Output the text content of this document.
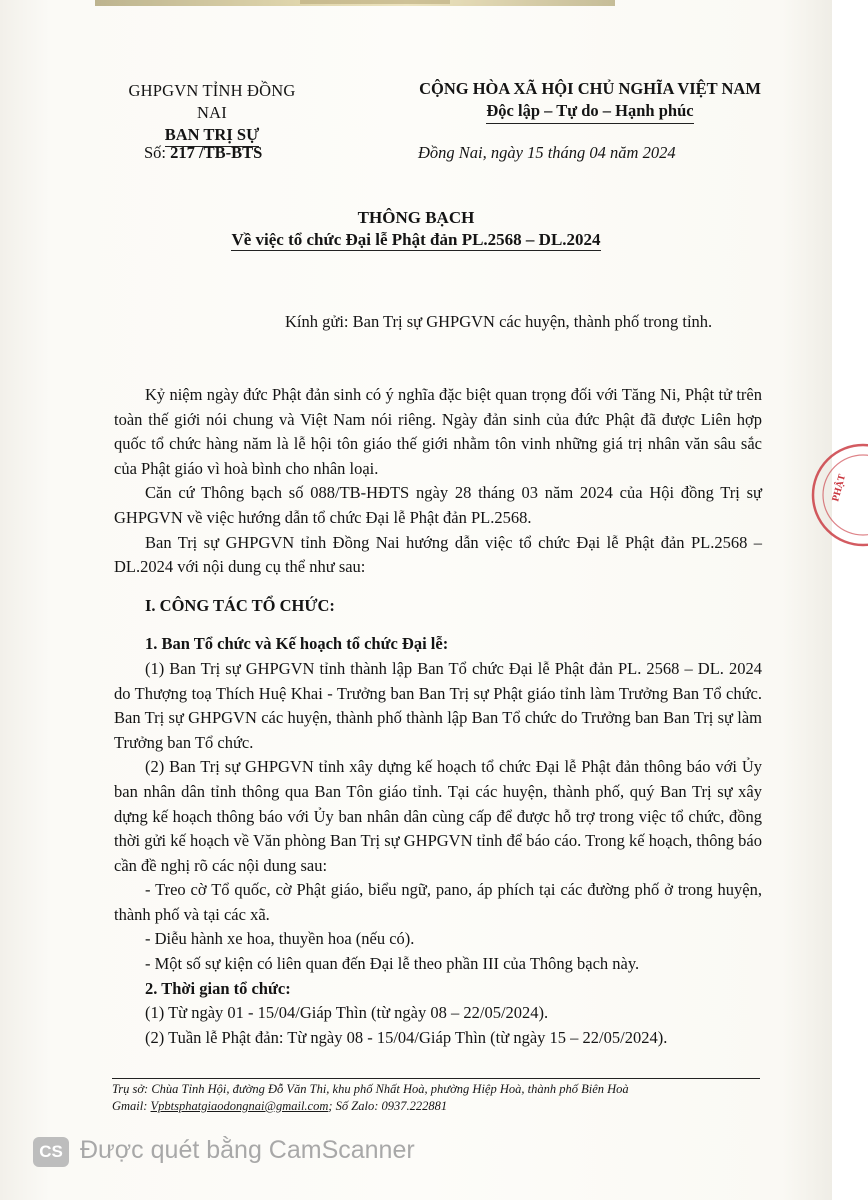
GHPGVN TỈNH ĐỒNG NAI
BAN TRỊ SỰ
CỘNG HÒA XÃ HỘI CHỦ NGHĨA VIỆT NAM
Độc lập – Tự do – Hạnh phúc
Số: 217 /TB-BTS	Đồng Nai, ngày 15 tháng 04 năm 2024
THÔNG BẠCH
Về việc tổ chức Đại lễ Phật đản PL.2568 – DL.2024
Kính gửi: Ban Trị sự GHPGVN các huyện, thành phố trong tỉnh.

Kỷ niệm ngày đức Phật đản sinh có ý nghĩa đặc biệt quan trọng đối với Tăng Ni, Phật tử trên toàn thế giới nói chung và Việt Nam nói riêng. Ngày đản sinh của đức Phật đã được Liên hợp quốc tổ chức hàng năm là lễ hội tôn giáo thế giới nhằm tôn vinh những giá trị nhân văn sâu sắc của Phật giáo vì hoà bình cho nhân loại.

Căn cứ Thông bạch số 088/TB-HĐTS ngày 28 tháng 03 năm 2024 của Hội đồng Trị sự GHPGVN về việc hướng dẫn tổ chức Đại lễ Phật đản PL.2568.

Ban Trị sự GHPGVN tỉnh Đồng Nai hướng dẫn việc tổ chức Đại lễ Phật đản PL.2568 – DL.2024 với nội dung cụ thể như sau:

I. CÔNG TÁC TỔ CHỨC:

1. Ban Tổ chức và Kế hoạch tổ chức Đại lễ:

(1) Ban Trị sự GHPGVN tỉnh thành lập Ban Tổ chức Đại lễ Phật đản PL. 2568 – DL. 2024 do Thượng toạ Thích Huệ Khai - Trưởng ban Ban Trị sự Phật giáo tỉnh làm Trưởng Ban Tổ chức. Ban Trị sự GHPGVN các huyện, thành phố thành lập Ban Tổ chức do Trưởng ban Ban Trị sự làm Trưởng ban Tổ chức.

(2) Ban Trị sự GHPGVN tỉnh xây dựng kế hoạch tổ chức Đại lễ Phật đản thông báo với Ủy ban nhân dân tỉnh thông qua Ban Tôn giáo tỉnh. Tại các huyện, thành phố, quý Ban Trị sự xây dựng kế hoạch thông báo với Ủy ban nhân dân cùng cấp để được hỗ trợ trong việc tổ chức, đồng thời gửi kế hoạch về Văn phòng Ban Trị sự GHPGVN tỉnh để báo cáo. Trong kế hoạch, thông báo cần đề nghị rõ các nội dung sau:

- Treo cờ Tổ quốc, cờ Phật giáo, biểu ngữ, pano, áp phích tại các đường phố ở trong huyện, thành phố và tại các xã.

- Diễu hành xe hoa, thuyền hoa (nếu có).

- Một số sự kiện có liên quan đến Đại lễ theo phần III của Thông bạch này.

2. Thời gian tổ chức:

(1) Từ ngày 01 - 15/04/Giáp Thìn (từ ngày 08 – 22/05/2024).

(2) Tuần lễ Phật đản: Từ ngày 08 - 15/04/Giáp Thìn (từ ngày 15 – 22/05/2024).

Trụ sở: Chùa Tỉnh Hội, đường Đỗ Văn Thi, khu phố Nhất Hoà, phường Hiệp Hoà, thành phố Biên Hoà
Gmail: Vpbtsphatgiaodongnai@gmail.com; Số Zalo: 0937.222881
PHẬT
CS Được quét bằng CamScanner
